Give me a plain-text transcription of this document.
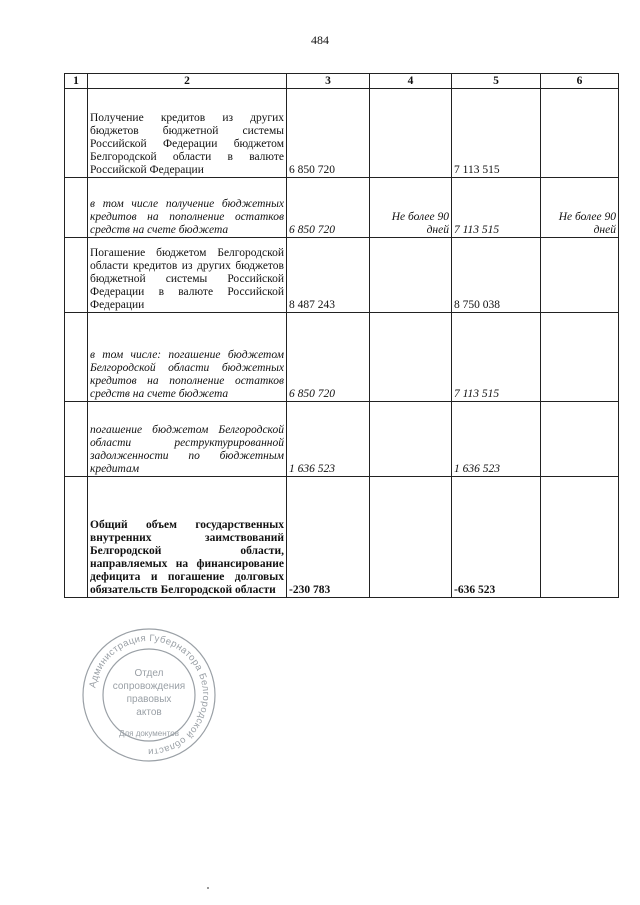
484
1	2	3	4	5	6

	Получение кредитов из других бюджетов бюджетной системы Российской Федерации бюджетом Белгородской области в валюте Российской Федерации	6 850 720		7 113 515	

	в том числе получение бюджетных кредитов на пополнение остатков средств на счете бюджета	6 850 720	Не более 90 дней	7 113 515	Не более 90 дней

	Погашение бюджетом Белгородской области кредитов из других бюджетов бюджетной системы Российской Федерации в валюте Российской Федерации	8 487 243		8 750 038	

	в том числе: погашение бюджетом Белгородской области бюджетных кредитов на пополнение остатков средств на счете бюджета	6 850 720		7 113 515	

	погашение бюджетом Белгородской области реструктурированной задолженности по бюджетным кредитам	1 636 523		1 636 523	

	Общий объем государственных внутренних заимствований Белгородской области, направляемых на финансирование дефицита и погашение долговых обязательств Белгородской области	-230 783		-636 523	
Администрация Губернатора Белгородской области
Для документов
Отдел
сопровождения
правовых
актов
